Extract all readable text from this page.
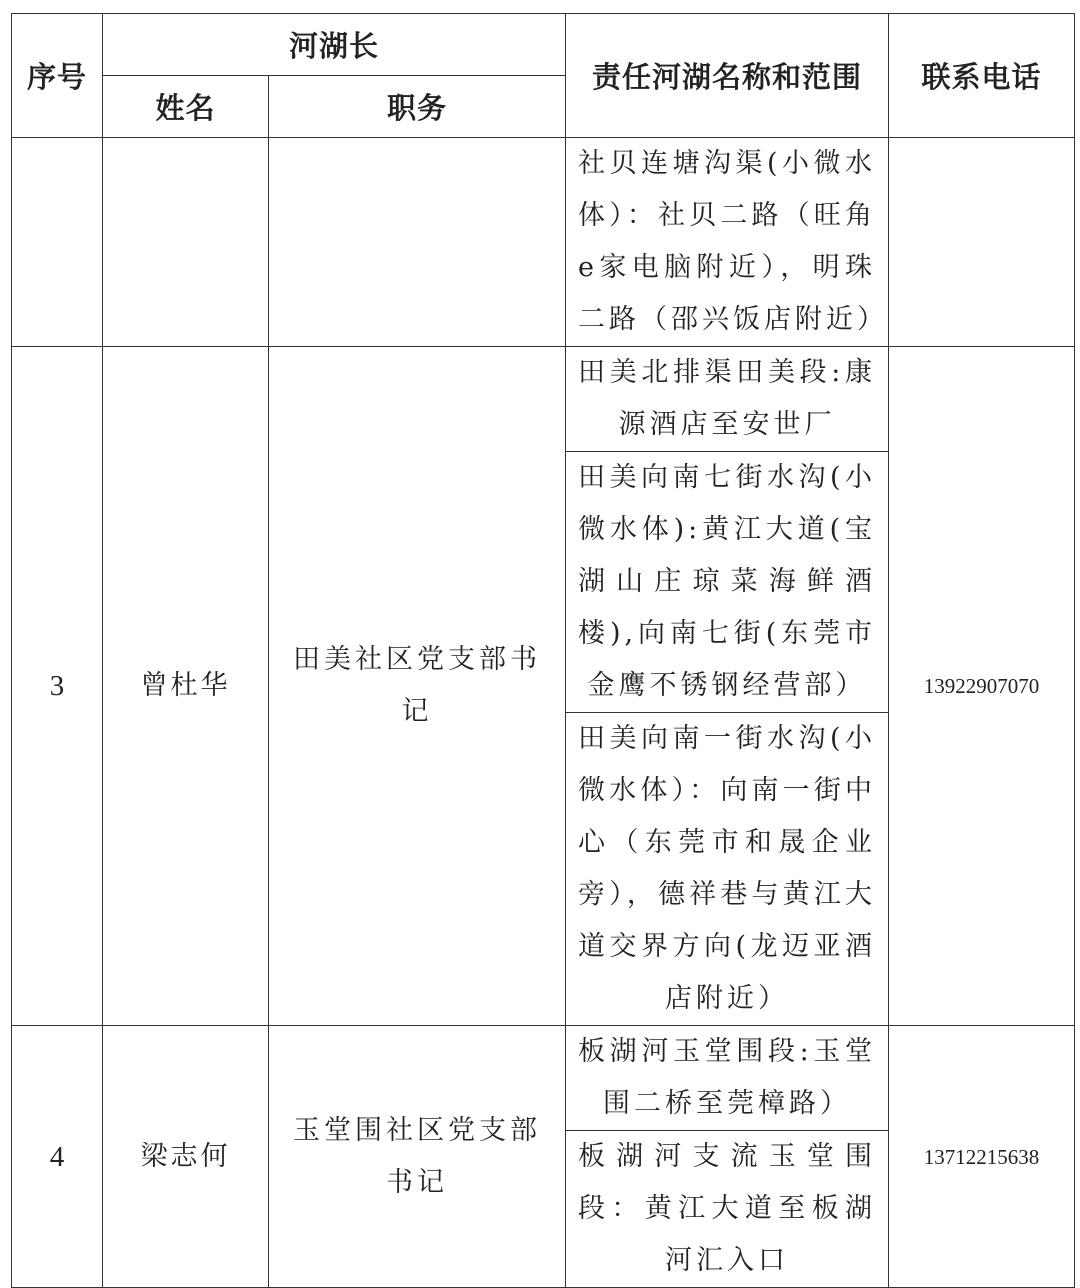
序号	河湖长		责任河湖名称和范围	联系电话
	姓名	职务		
			社贝连塘沟渠(小微水体）：社贝二路（旺角e家电脑附近），明珠二路（邵兴饭店附近）	
3	曾杜华	田美社区党支部书记	田美北排渠田美段:康源酒店至安世厂	13922907070
			田美向南七街水沟(小微水体):黄江大道(宝湖山庄琼菜海鲜酒楼),向南七街(东莞市金鹰不锈钢经营部）	
			田美向南一街水沟(小微水体）：向南一街中心（东莞市和晟企业旁），德祥巷与黄江大道交界方向(龙迈亚酒店附近）	
4	梁志何	玉堂围社区党支部书记	板湖河玉堂围段:玉堂围二桥至莞樟路）	13712215638
			板湖河支流玉堂围段：黄江大道至板湖河汇入口	
